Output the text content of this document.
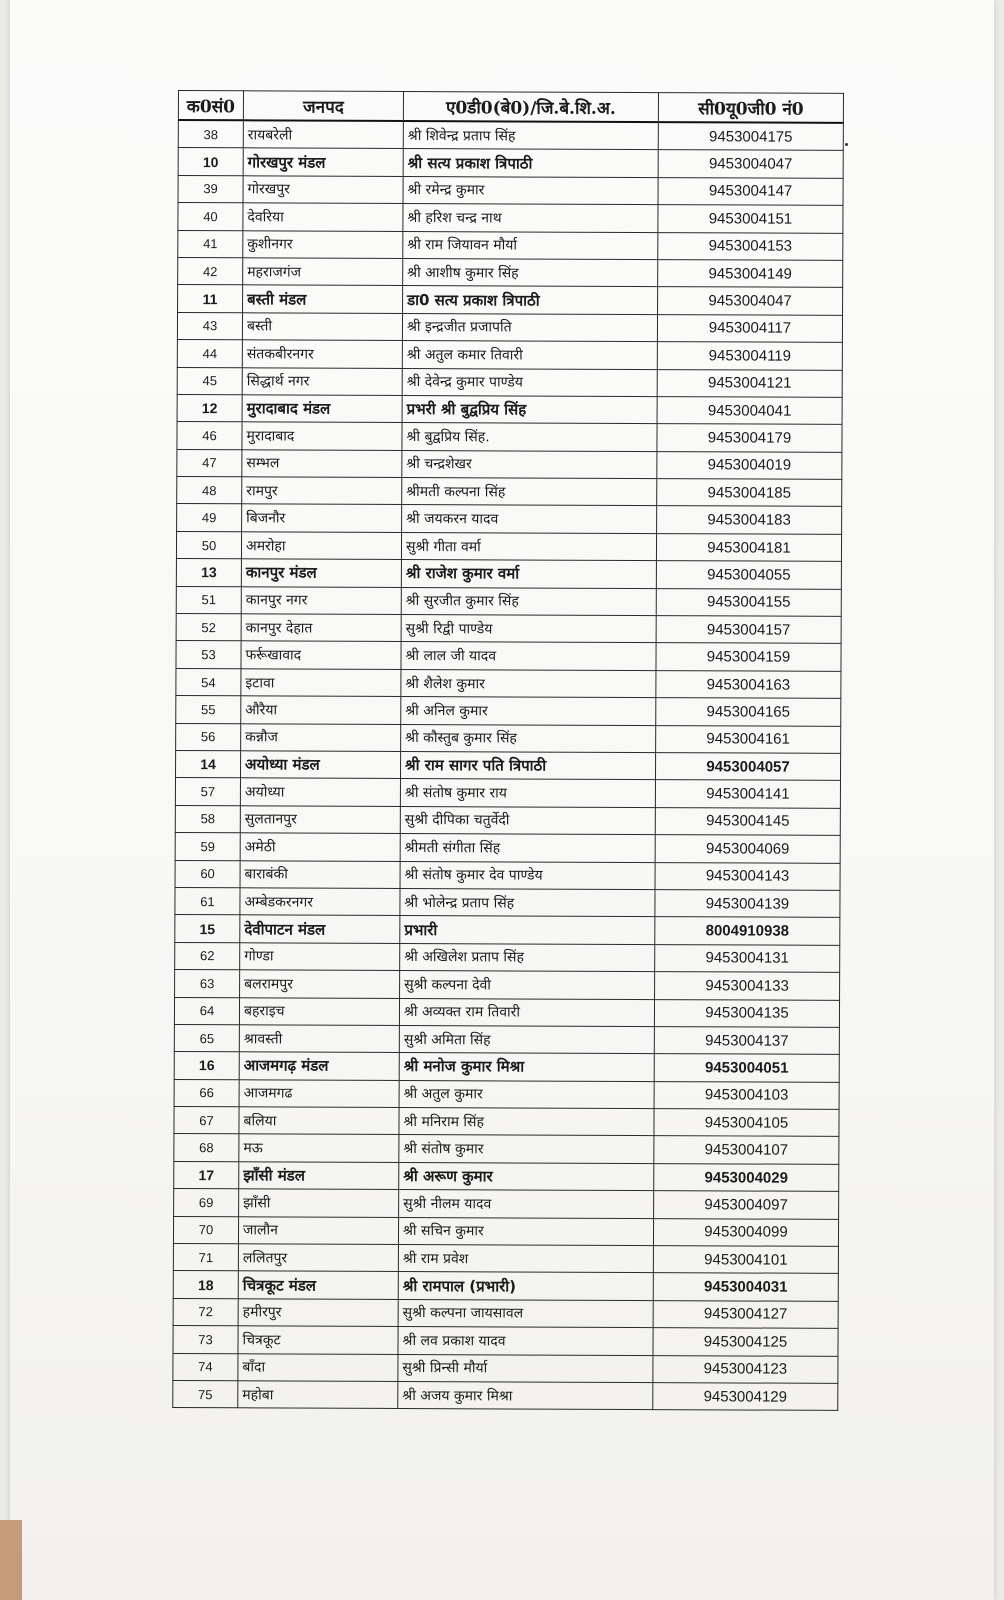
क0सं0	जनपद	ए0डी0(बे0)/जि.बे.शि.अ.	सी0यू0जी0 नं0
38	रायबरेली	श्री शिवेन्द्र प्रताप सिंह	9453004175
10	गोरखपुर मंडल	श्री सत्य प्रकाश त्रिपाठी	9453004047
39	गोरखपुर	श्री रमेन्द्र कुमार	9453004147
40	देवरिया	श्री हरिश चन्द्र नाथ	9453004151
41	कुशीनगर	श्री राम जियावन मौर्या	9453004153
42	महराजगंज	श्री आशीष कुमार सिंह	9453004149
11	बस्ती मंडल	डा0 सत्य प्रकाश त्रिपाठी	9453004047
43	बस्ती	श्री इन्द्रजीत प्रजापति	9453004117
44	संतकबीरनगर	श्री अतुल कमार तिवारी	9453004119
45	सिद्धार्थ नगर	श्री देवेन्द्र कुमार पाण्डेय	9453004121
12	मुरादाबाद मंडल	प्रभरी श्री बुद्वप्रिय सिंह	9453004041
46	मुरादाबाद	श्री बुद्वप्रिय सिंह.	9453004179
47	सम्भल	श्री चन्द्रशेखर	9453004019
48	रामपुर	श्रीमती कल्पना सिंह	9453004185
49	बिजनौर	श्री जयकरन यादव	9453004183
50	अमरोहा	सुश्री गीता वर्मा	9453004181
13	कानपुर मंडल	श्री राजेश कुमार वर्मा	9453004055
51	कानपुर नगर	श्री सुरजीत कुमार सिंह	9453004155
52	कानपुर देहात	सुश्री रिद्वी पाण्डेय	9453004157
53	फर्रूखावाद	श्री लाल जी यादव	9453004159
54	इटावा	श्री शैलेश कुमार	9453004163
55	औरैया	श्री अनिल कुमार	9453004165
56	कन्नौज	श्री कौस्तुब कुमार सिंह	9453004161
14	अयोध्या मंडल	श्री राम सागर पति त्रिपाठी	9453004057
57	अयोध्या	श्री संतोष कुमार राय	9453004141
58	सुलतानपुर	सुश्री दीपिका चतुर्वेदी	9453004145
59	अमेठी	श्रीमती संगीता सिंह	9453004069
60	बाराबंकी	श्री संतोष कुमार देव पाण्डेय	9453004143
61	अम्बेडकरनगर	श्री भोलेन्द्र प्रताप सिंह	9453004139
15	देवीपाटन मंडल	प्रभारी	8004910938
62	गोण्डा	श्री अखिलेश प्रताप सिंह	9453004131
63	बलरामपुर	सुश्री कल्पना देवी	9453004133
64	बहराइच	श्री अव्यक्त राम तिवारी	9453004135
65	श्रावस्ती	सुश्री अमिता सिंह	9453004137
16	आजमगढ़ मंडल	श्री मनोज कुमार मिश्रा	9453004051
66	आजमगढ	श्री अतुल कुमार	9453004103
67	बलिया	श्री मनिराम सिंह	9453004105
68	मऊ	श्री संतोष कुमार	9453004107
17	झाँसी मंडल	श्री अरूण कुमार	9453004029
69	झाँसी	सुश्री नीलम यादव	9453004097
70	जालौन	श्री सचिन कुमार	9453004099
71	ललितपुर	श्री राम प्रवेश	9453004101
18	चित्रकूट मंडल	श्री रामपाल (प्रभारी)	9453004031
72	हमीरपुर	सुश्री कल्पना जायसावल	9453004127
73	चित्रकूट	श्री लव प्रकाश यादव	9453004125
74	बाँदा	सुश्री प्रिन्सी मौर्या	9453004123
75	महोबा	श्री अजय कुमार मिश्रा	9453004129
